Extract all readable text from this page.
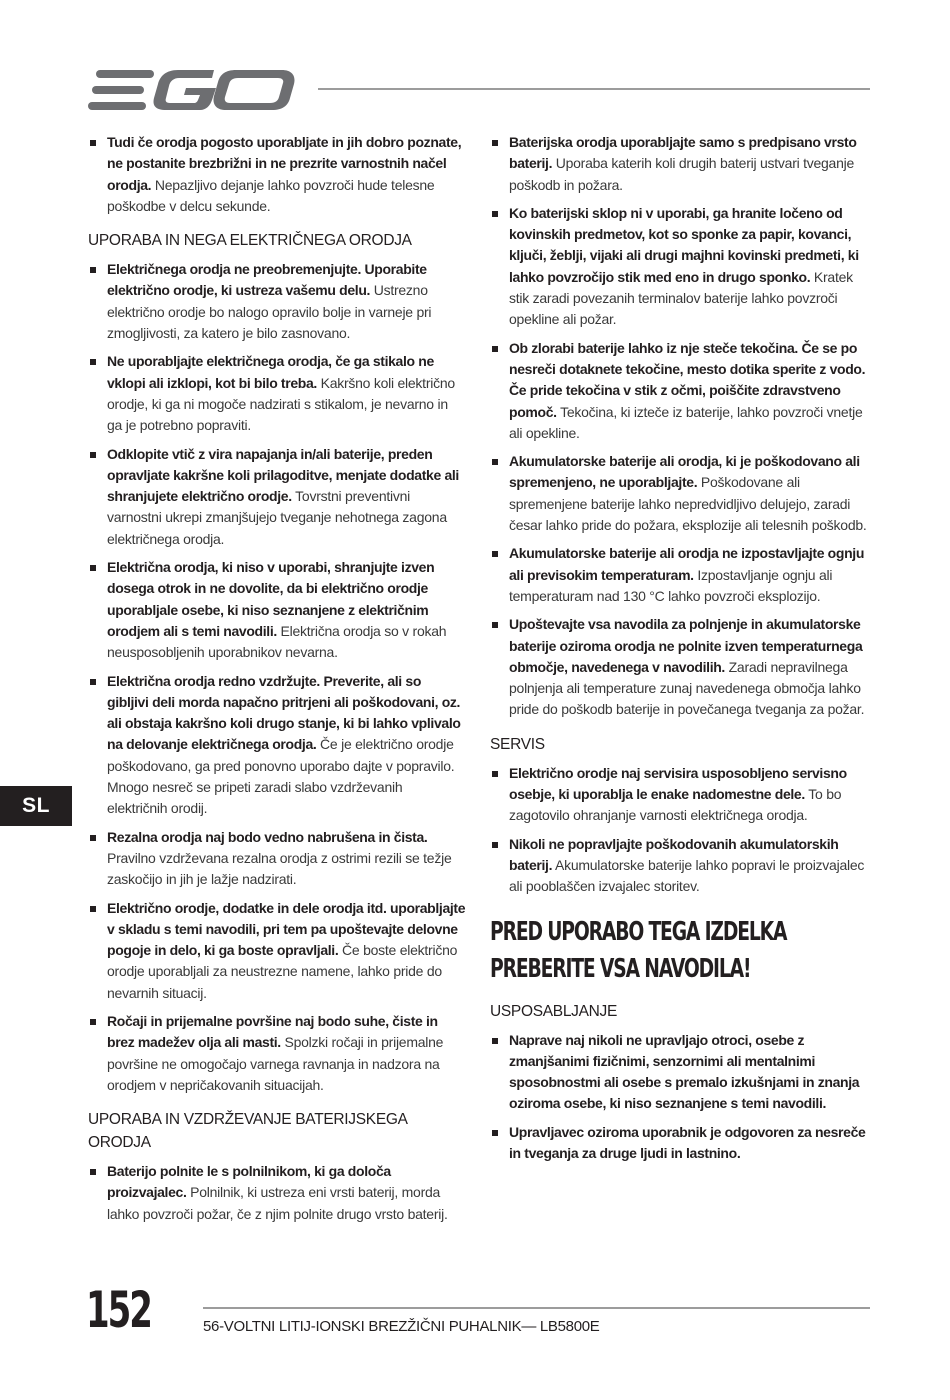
SL
Tudi če orodja pogosto uporabljate in jih dobro poznate, ne postanite brezbrižni in ne prezrite varnostnih načel orodja. Nepazljivo dejanje lahko povzroči hude telesne poškodbe v delcu sekunde.
UPORABA IN NEGA ELEKTRIČNEGA ORODJA
Električnega orodja ne preobremenjujte. Uporabite električno orodje, ki ustreza vašemu delu. Ustrezno električno orodje bo nalogo opravilo bolje in varneje pri zmogljivosti, za katero je bilo zasnovano.
Ne uporabljajte električnega orodja, če ga stikalo ne vklopi ali izklopi, kot bi bilo treba. Kakršno koli električno orodje, ki ga ni mogoče nadzirati s stikalom, je nevarno in ga je potrebno popraviti.
Odklopite vtič z vira napajanja in/ali baterije, preden opravljate kakršne koli prilagoditve, menjate dodatke ali shranjujete električno orodje. Tovrstni preventivni varnostni ukrepi zmanjšujejo tveganje nehotnega zagona električnega orodja.
Električna orodja, ki niso v uporabi, shranjujte izven dosega otrok in ne dovolite, da bi električno orodje uporabljale osebe, ki niso seznanjene z električnim orodjem ali s temi navodili. Električna orodja so v rokah neusposobljenih uporabnikov nevarna.
Električna orodja redno vzdržujte. Preverite, ali so gibljivi deli morda napačno pritrjeni ali poškodovani, oz. ali obstaja kakršno koli drugo stanje, ki bi lahko vplivalo na delovanje električnega orodja. Če je električno orodje poškodovano, ga pred ponovno uporabo dajte v popravilo. Mnogo nesreč se pripeti zaradi slabo vzdrževanih električnih orodij.
Rezalna orodja naj bodo vedno nabrušena in čista. Pravilno vzdrževana rezalna orodja z ostrimi rezili se težje zaskočijo in jih je lažje nadzirati.
Električno orodje, dodatke in dele orodja itd. uporabljajte v skladu s temi navodili, pri tem pa upoštevajte delovne pogoje in delo, ki ga boste opravljali. Če boste električno orodje uporabljali za neustrezne namene, lahko pride do nevarnih situacij.
Ročaji in prijemalne površine naj bodo suhe, čiste in brez madežev olja ali masti. Spolzki ročaji in prijemalne površine ne omogočajo varnega ravnanja in nadzora na orodjem v nepričakovanih situacijah.
UPORABA IN VZDRŽEVANJE BATERIJSKEGA ORODJA
Baterijo polnite le s polnilnikom, ki ga določa proizvajalec. Polnilnik, ki ustreza eni vrsti baterij, morda lahko povzroči požar, če z njim polnite drugo vrsto baterij.
Baterijska orodja uporabljajte samo s predpisano vrsto baterij. Uporaba katerih koli drugih baterij ustvari tveganje poškodb in požara.
Ko baterijski sklop ni v uporabi, ga hranite ločeno od kovinskih predmetov, kot so sponke za papir, kovanci, ključi, žeblji, vijaki ali drugi majhni kovinski predmeti, ki lahko povzročijo stik med eno in drugo sponko. Kratek stik zaradi povezanih terminalov baterije lahko povzroči opekline ali požar.
Ob zlorabi baterije lahko iz nje steče tekočina. Če se po nesreči dotaknete tekočine, mesto dotika sperite z vodo. Če pride tekočina v stik z očmi, poiščite zdravstveno pomoč. Tekočina, ki izteče iz baterije, lahko povzroči vnetje ali opekline.
Akumulatorske baterije ali orodja, ki je poškodovano ali spremenjeno, ne uporabljajte. Poškodovane ali spremenjene baterije lahko nepredvidljivo delujejo, zaradi česar lahko pride do požara, eksplozije ali telesnih poškodb.
Akumulatorske baterije ali orodja ne izpostavljajte ognju ali previsokim temperaturam. Izpostavljanje ognju ali temperaturam nad 130 °C lahko povzroči eksplozijo.
Upoštevajte vsa navodila za polnjenje in akumulatorske baterije oziroma orodja ne polnite izven temperaturnega območje, navedenega v navodilih. Zaradi nepravilnega polnjenja ali temperature zunaj navedenega območja lahko pride do poškodb baterije in povečanega tveganja za požar.
SERVIS
Električno orodje naj servisira usposobljeno servisno osebje, ki uporablja le enake nadomestne dele. To bo zagotovilo ohranjanje varnosti električnega orodja.
Nikoli ne popravljajte poškodovanih akumulatorskih baterij. Akumulatorske baterije lahko popravi le proizvajalec ali pooblaščen izvajalec storitev.
PRED UPORABO TEGA IZDELKA PREBERITE VSA NAVODILA!
USPOSABLJANJE
Naprave naj nikoli ne upravljajo otroci, osebe z zmanjšanimi fizičnimi, senzornimi ali mentalnimi sposobnostmi ali osebe s premalo izkušnjami in znanja oziroma osebe, ki niso seznanjene s temi navodili.
Upravljavec oziroma uporabnik je odgovoren za nesreče in tveganja za druge ljudi in lastnino.
152	56-VOLTNI LITIJ-IONSKI BREZŽIČNI PUHALNIK— LB5800E
